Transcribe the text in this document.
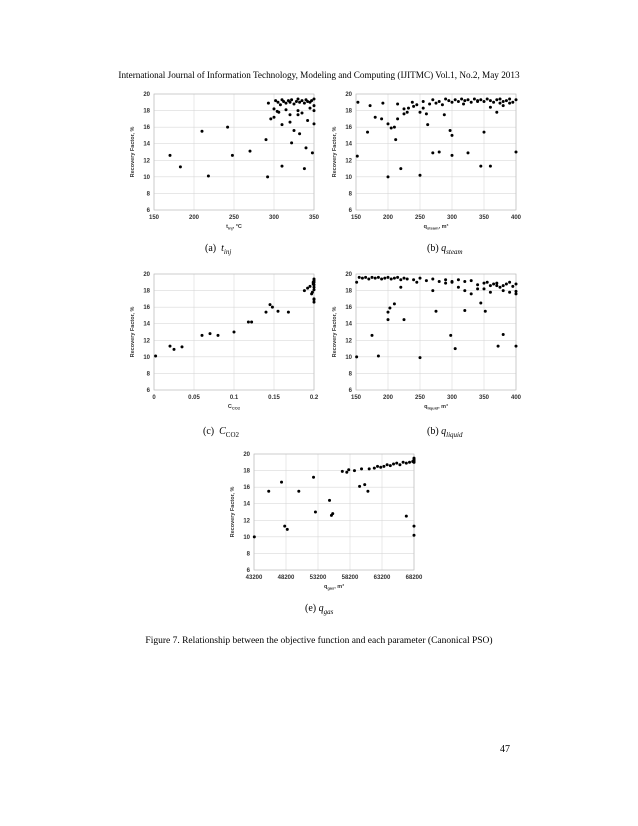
International Journal of Information Technology, Modeling and Computing (IJITMC) Vol.1, No.2, May 2013
6
8
10
12
14
16
18
20
150	200	250	300	350
Recovery Factor, %
$t_{inj}$, °C
6
8
10
12
14
16
18
20
150	200	250	300	350	400
Recovery Factor, %
$q_{steam}$, m³
6
8
10
12
14
16
18
20
0	0.05	0.1	0.15	0.2
Recovery Factor, %
$C_{CO2}$
6
8
10
12
14
16
18
20
150	200	250	300	350	400
Recovery Factor, %
$q_{liquid}$, m³
6
8
10
12
14
16
18
20
43200	48200	53200	58200	63200	68200
Recovery Factor, %
$q_{gas}$, m³
(a) $t_{inj}$	(b) $q_{steam}$
(c) $C_{CO2}$	(b) $q_{liquid}$
(e) $q_{gas}$
Figure 7. Relationship between the objective function and each parameter (Canonical PSO)
47
